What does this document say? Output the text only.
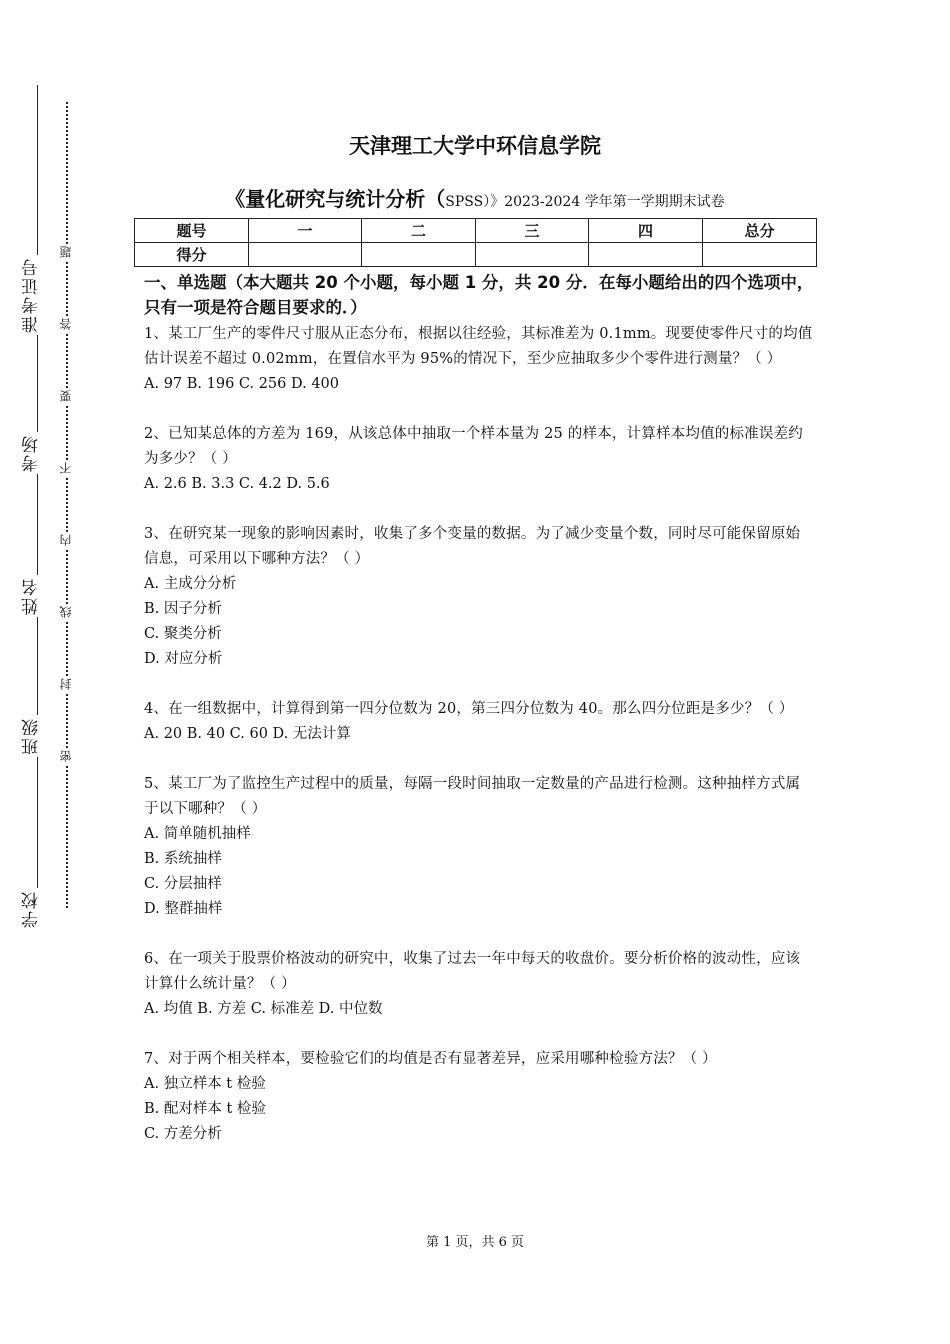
准考证号
考场
姓名
班级
学校
题
答
要
不
内
线
封
密
天津理工大学中环信息学院
《量化研究与统计分析（SPSS）》2023-2024 学年第一学期期末试卷
题号	一	二	三	四	总分
得分					

一、单选题（本大题共 20 个小题，每小题 1 分，共 20 分．在每小题给出的四个选项中，只有一项是符合题目要求的．）

1、某工厂生产的零件尺寸服从正态分布，根据以往经验，其标准差为 0.1mm。现要使零件尺寸的均值估计误差不超过 0.02mm，在置信水平为 95%的情况下，至少应抽取多少个零件进行测量？（ ）

A. 97 B. 196 C. 256 D. 400

2、已知某总体的方差为 169，从该总体中抽取一个样本量为 25 的样本，计算样本均值的标准误差约为多少？（ ）

A. 2.6 B. 3.3 C. 4.2 D. 5.6

3、在研究某一现象的影响因素时，收集了多个变量的数据。为了减少变量个数，同时尽可能保留原始信息，可采用以下哪种方法？（ ）

A. 主成分分析

B. 因子分析

C. 聚类分析

D. 对应分析

4、在一组数据中，计算得到第一四分位数为 20，第三四分位数为 40。那么四分位距是多少？（ ）

A. 20 B. 40 C. 60 D. 无法计算

5、某工厂为了监控生产过程中的质量，每隔一段时间抽取一定数量的产品进行检测。这种抽样方式属于以下哪种？（ ）

A. 简单随机抽样

B. 系统抽样

C. 分层抽样

D. 整群抽样

6、在一项关于股票价格波动的研究中，收集了过去一年中每天的收盘价。要分析价格的波动性，应该计算什么统计量？（ ）

A. 均值 B. 方差 C. 标准差 D. 中位数

7、对于两个相关样本，要检验它们的均值是否有显著差异，应采用哪种检验方法？（ ）

A. 独立样本 t 检验

B. 配对样本 t 检验

C. 方差分析

第 1 页，共 6 页
